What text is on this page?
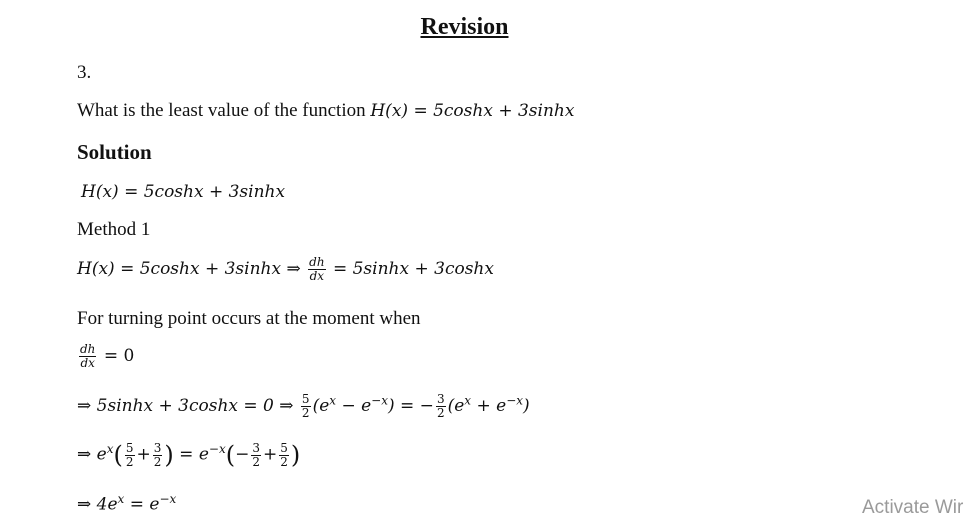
Revision
3.
What is the least value of the function H(x) = 5coshx + 3sinhx
Solution
H(x) = 5coshx + 3sinhx
Method 1
H(x) = 5coshx + 3sinhx ⇒ $\frac{dh}{dx} = 5\sinh x + 3\cosh x$
For turning point occurs at the moment when
$\frac{dh}{dx} = 0$
⇒ 5sinhx + 3coshx = 0 ⇒ $\frac{5}{2} (e^x - e^{-x})$ = − $\frac{3}{2} (e^x + e^{-x})$
⇒ $e^x( \frac{5}{2} + \frac{3}{2}$ ) = $e^{-x}(- \frac{3}{2} + \frac{5}{2}$ )
⇒ $4e^x = e^{-x}$	Activate Wir
